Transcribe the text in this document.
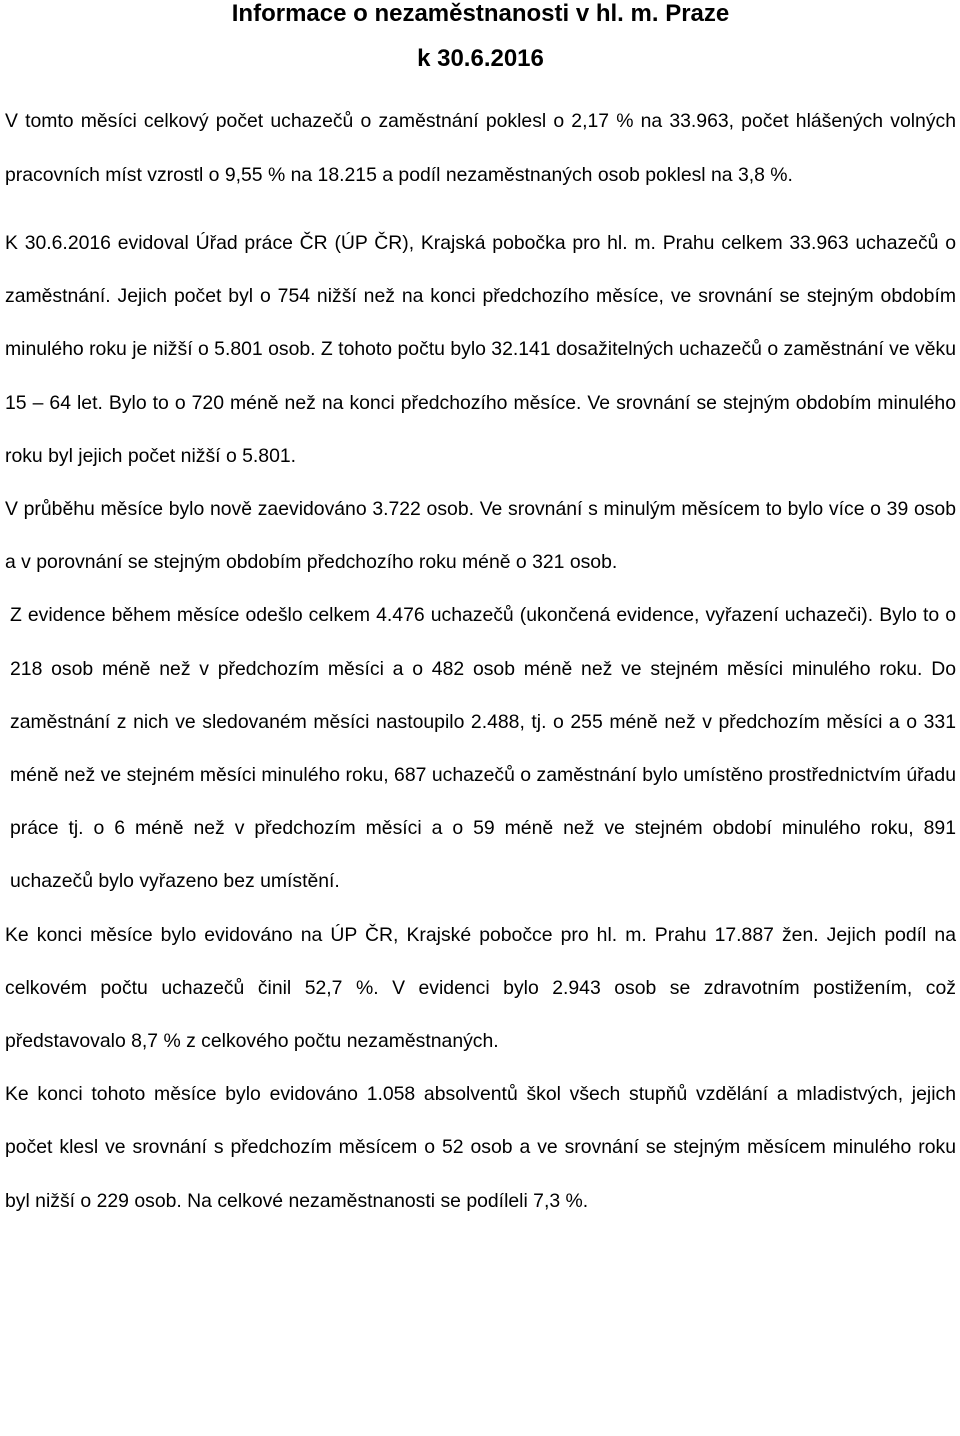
Informace o nezaměstnanosti v hl. m. Praze
k 30.6.2016

V tomto měsíci celkový počet uchazečů o zaměstnání poklesl o 2,17 % na 33.963, počet hlášených volných pracovních míst vzrostl o 9,55 % na 18.215 a podíl nezaměstnaných osob poklesl na 3,8 %.

K 30.6.2016 evidoval Úřad práce ČR (ÚP ČR), Krajská pobočka pro hl. m. Prahu celkem 33.963 uchazečů o zaměstnání. Jejich počet byl o 754 nižší než na konci předchozího měsíce, ve srovnání se stejným obdobím minulého roku je nižší o 5.801 osob. Z tohoto počtu bylo 32.141 dosažitelných uchazečů o zaměstnání ve věku 15 – 64 let. Bylo to o 720 méně než na konci předchozího měsíce. Ve srovnání se stejným obdobím minulého roku byl jejich počet nižší o 5.801.

V průběhu měsíce bylo nově zaevidováno 3.722 osob. Ve srovnání s minulým měsícem to bylo více o 39 osob a v porovnání se stejným obdobím předchozího roku méně o 321 osob.

Z evidence během měsíce odešlo celkem 4.476 uchazečů (ukončená evidence, vyřazení uchazeči). Bylo to o 218 osob méně než v předchozím měsíci a o 482 osob méně než ve stejném měsíci minulého roku. Do zaměstnání z nich ve sledovaném měsíci nastoupilo 2.488, tj. o 255 méně než v předchozím měsíci a o 331 méně než ve stejném měsíci minulého roku, 687 uchazečů o zaměstnání bylo umístěno prostřednictvím úřadu práce tj. o 6 méně než v předchozím měsíci a o 59 méně než ve stejném období minulého roku, 891 uchazečů bylo vyřazeno bez umístění.

Ke konci měsíce bylo evidováno na ÚP ČR, Krajské pobočce pro hl. m. Prahu 17.887 žen. Jejich podíl na celkovém počtu uchazečů činil 52,7 %. V evidenci bylo 2.943 osob se zdravotním postižením, což představovalo 8,7 % z celkového počtu nezaměstnaných.

Ke konci tohoto měsíce bylo evidováno 1.058 absolventů škol všech stupňů vzdělání a mladistvých, jejich počet klesl ve srovnání s předchozím měsícem o 52 osob a ve srovnání se stejným měsícem minulého roku byl nižší o 229 osob. Na celkové nezaměstnanosti se podíleli 7,3 %.
